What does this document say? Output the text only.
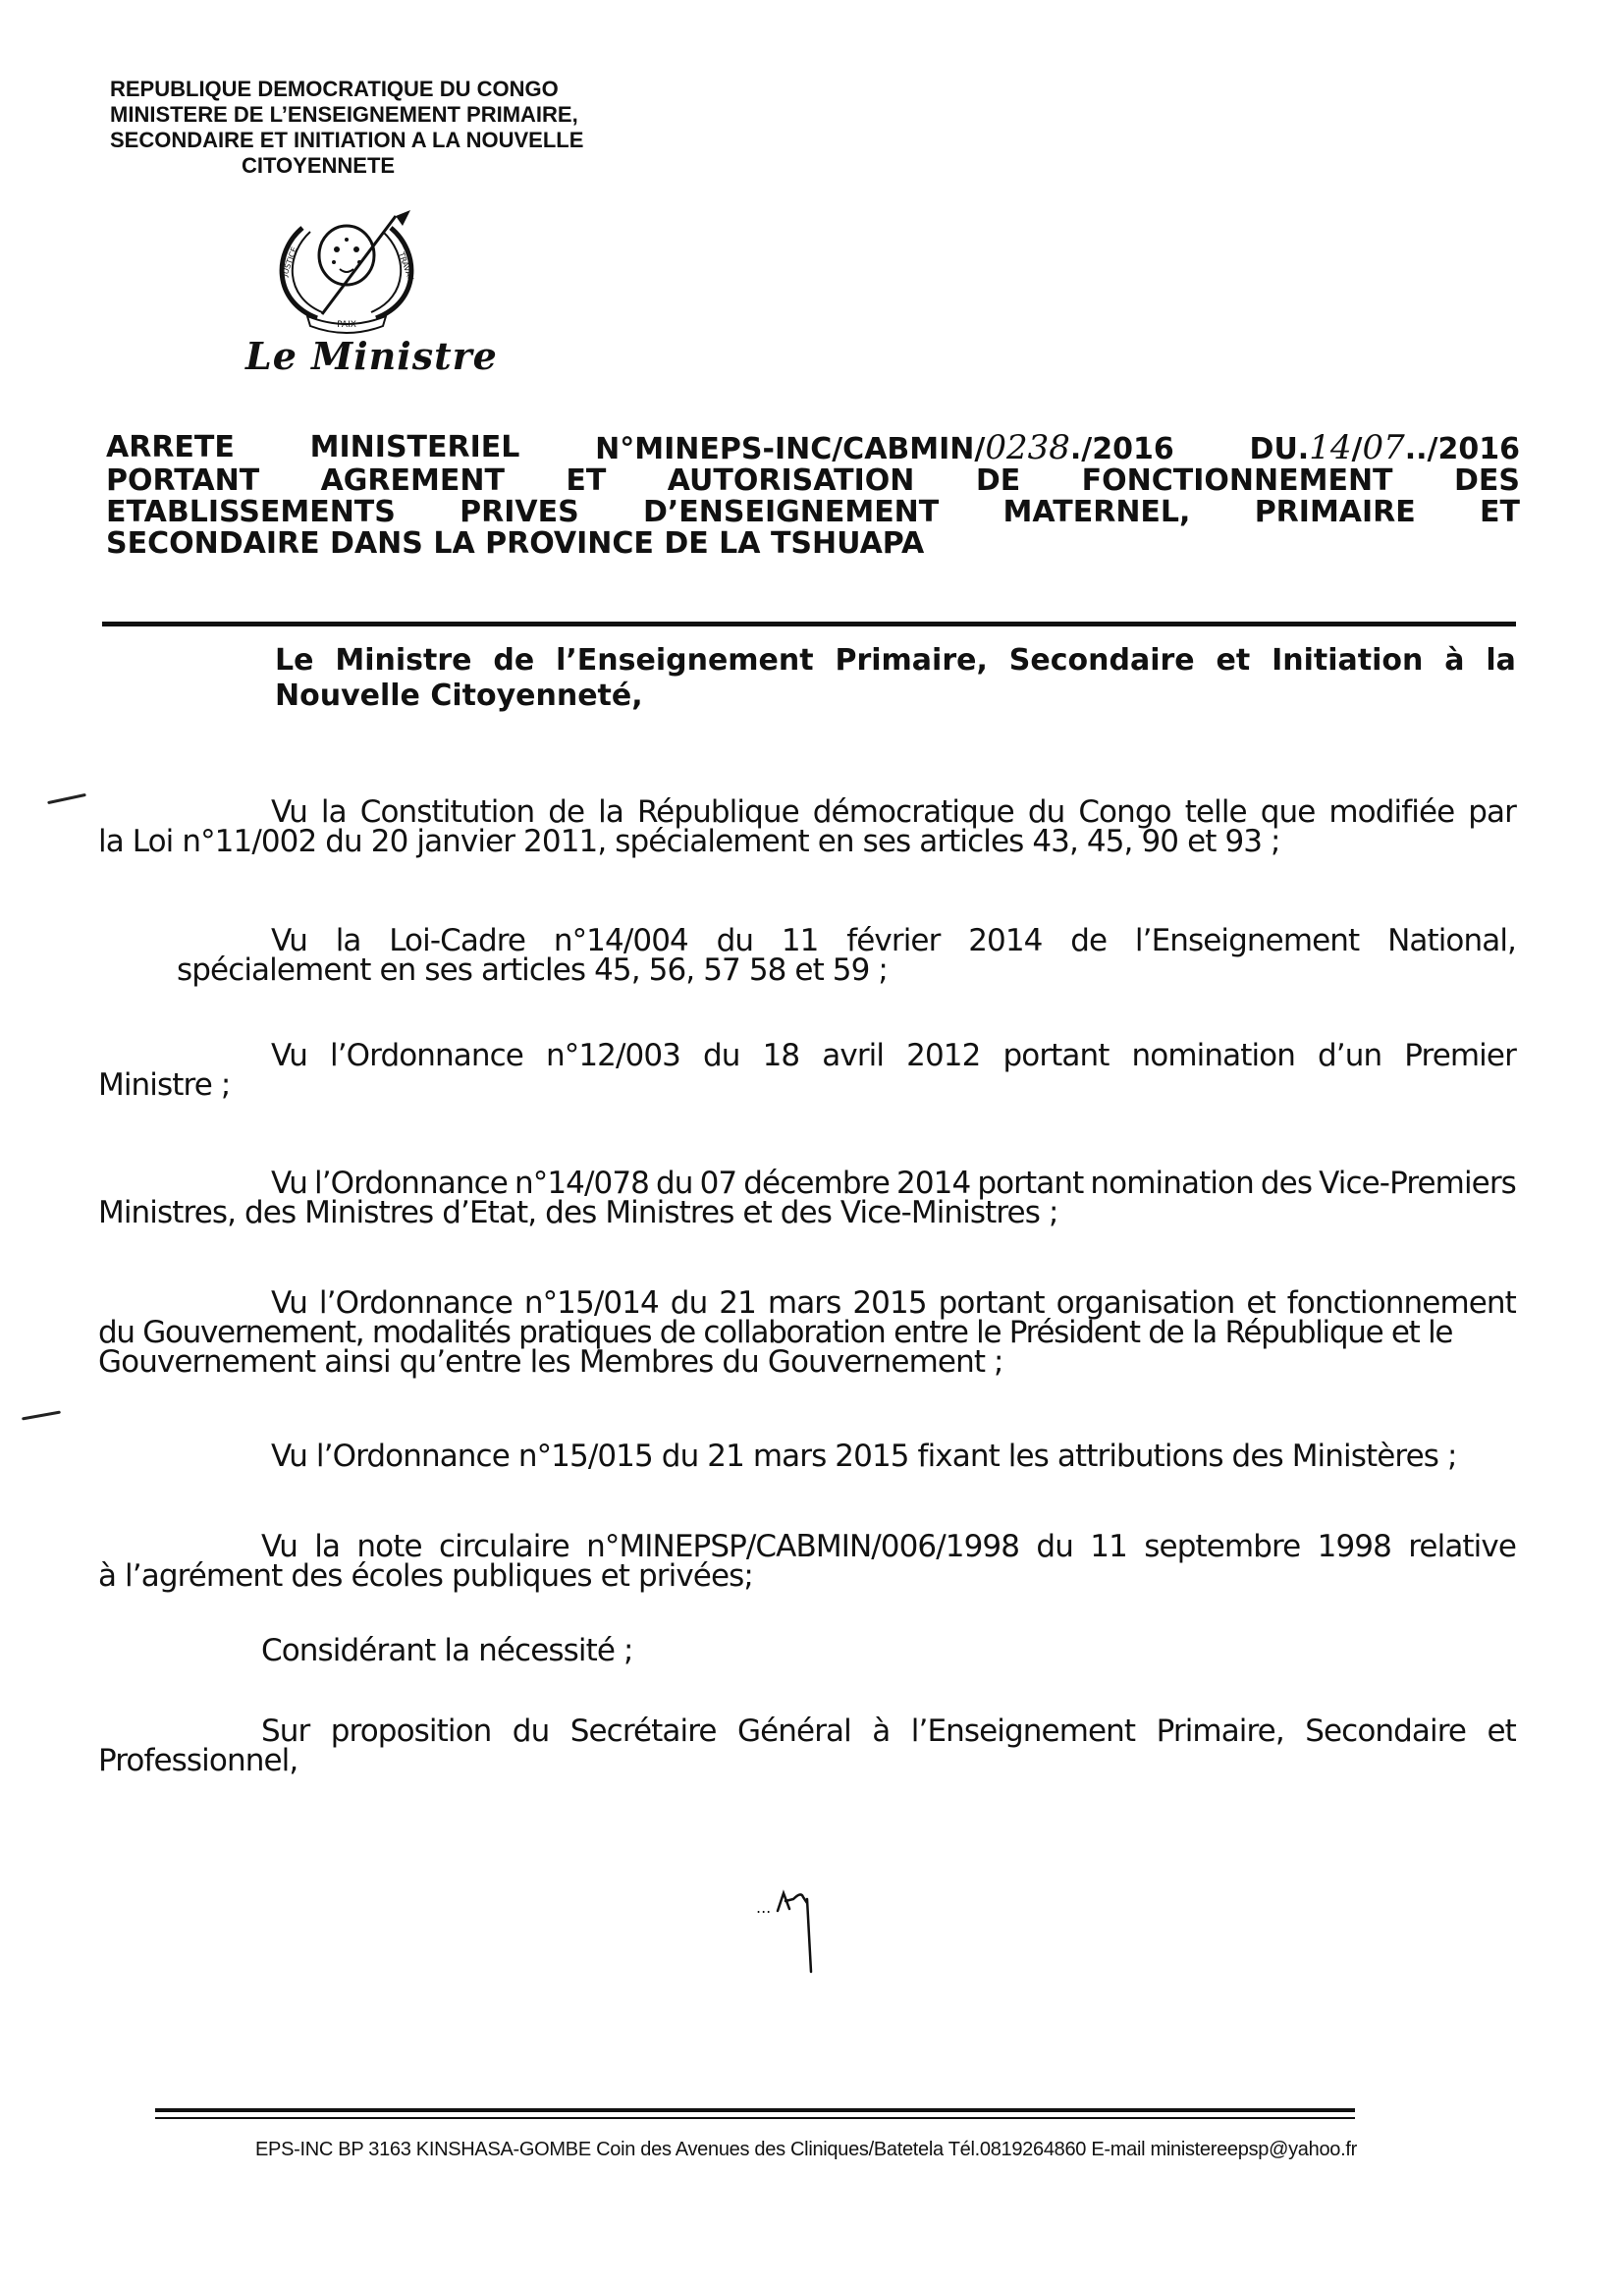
REPUBLIQUE DEMOCRATIQUE DU CONGO
MINISTERE DE L’ENSEIGNEMENT PRIMAIRE,
SECONDAIRE ET INITIATION A LA NOUVELLE
CITOYENNETE
PAIX
JUSTICE	TRAVAIL
Le Ministre
ARRETE	MINISTERIEL	N°MINEPS-INC/CABMIN/0238./2016	DU.14/07../2016
PORTANT AGREMENT ET AUTORISATION DE FONCTIONNEMENT DES
ETABLISSEMENTS PRIVES D’ENSEIGNEMENT MATERNEL, PRIMAIRE ET
SECONDAIRE DANS LA PROVINCE DE LA TSHUAPA
Le Ministre de l’Enseignement Primaire, Secondaire et Initiation à la
Nouvelle Citoyenneté,
Vu la Constitution de la République démocratique du Congo telle que modifiée par
la Loi n°11/002 du 20 janvier 2011, spécialement en ses articles 43, 45, 90 et 93 ;
Vu la Loi-Cadre n°14/004 du 11 février 2014 de l’Enseignement National,
spécialement en ses articles 45, 56, 57 58 et 59 ;
Vu l’Ordonnance n°12/003 du 18 avril 2012 portant nomination d’un Premier
Ministre ;
Vu l’Ordonnance n°14/078 du 07 décembre 2014 portant nomination des Vice-Premiers
Ministres, des Ministres d’Etat, des Ministres et des Vice-Ministres ;
Vu l’Ordonnance n°15/014 du 21 mars 2015 portant organisation et fonctionnement
du Gouvernement, modalités pratiques de collaboration entre le Président de la République et le
Gouvernement ainsi qu’entre les Membres du Gouvernement ;
Vu l’Ordonnance n°15/015 du 21 mars 2015 fixant les attributions des Ministères ;
Vu la note circulaire n°MINEPSP/CABMIN/006/1998 du 11 septembre 1998 relative
à l’agrément des écoles publiques et privées;
Considérant la nécessité ;
Sur proposition du Secrétaire Général à l’Enseignement Primaire, Secondaire et
Professionnel,
...
EPS-INC BP 3163 KINSHASA-GOMBE Coin des Avenues des Cliniques/Batetela Tél.0819264860 E-mail ministereepsp@yahoo.fr
